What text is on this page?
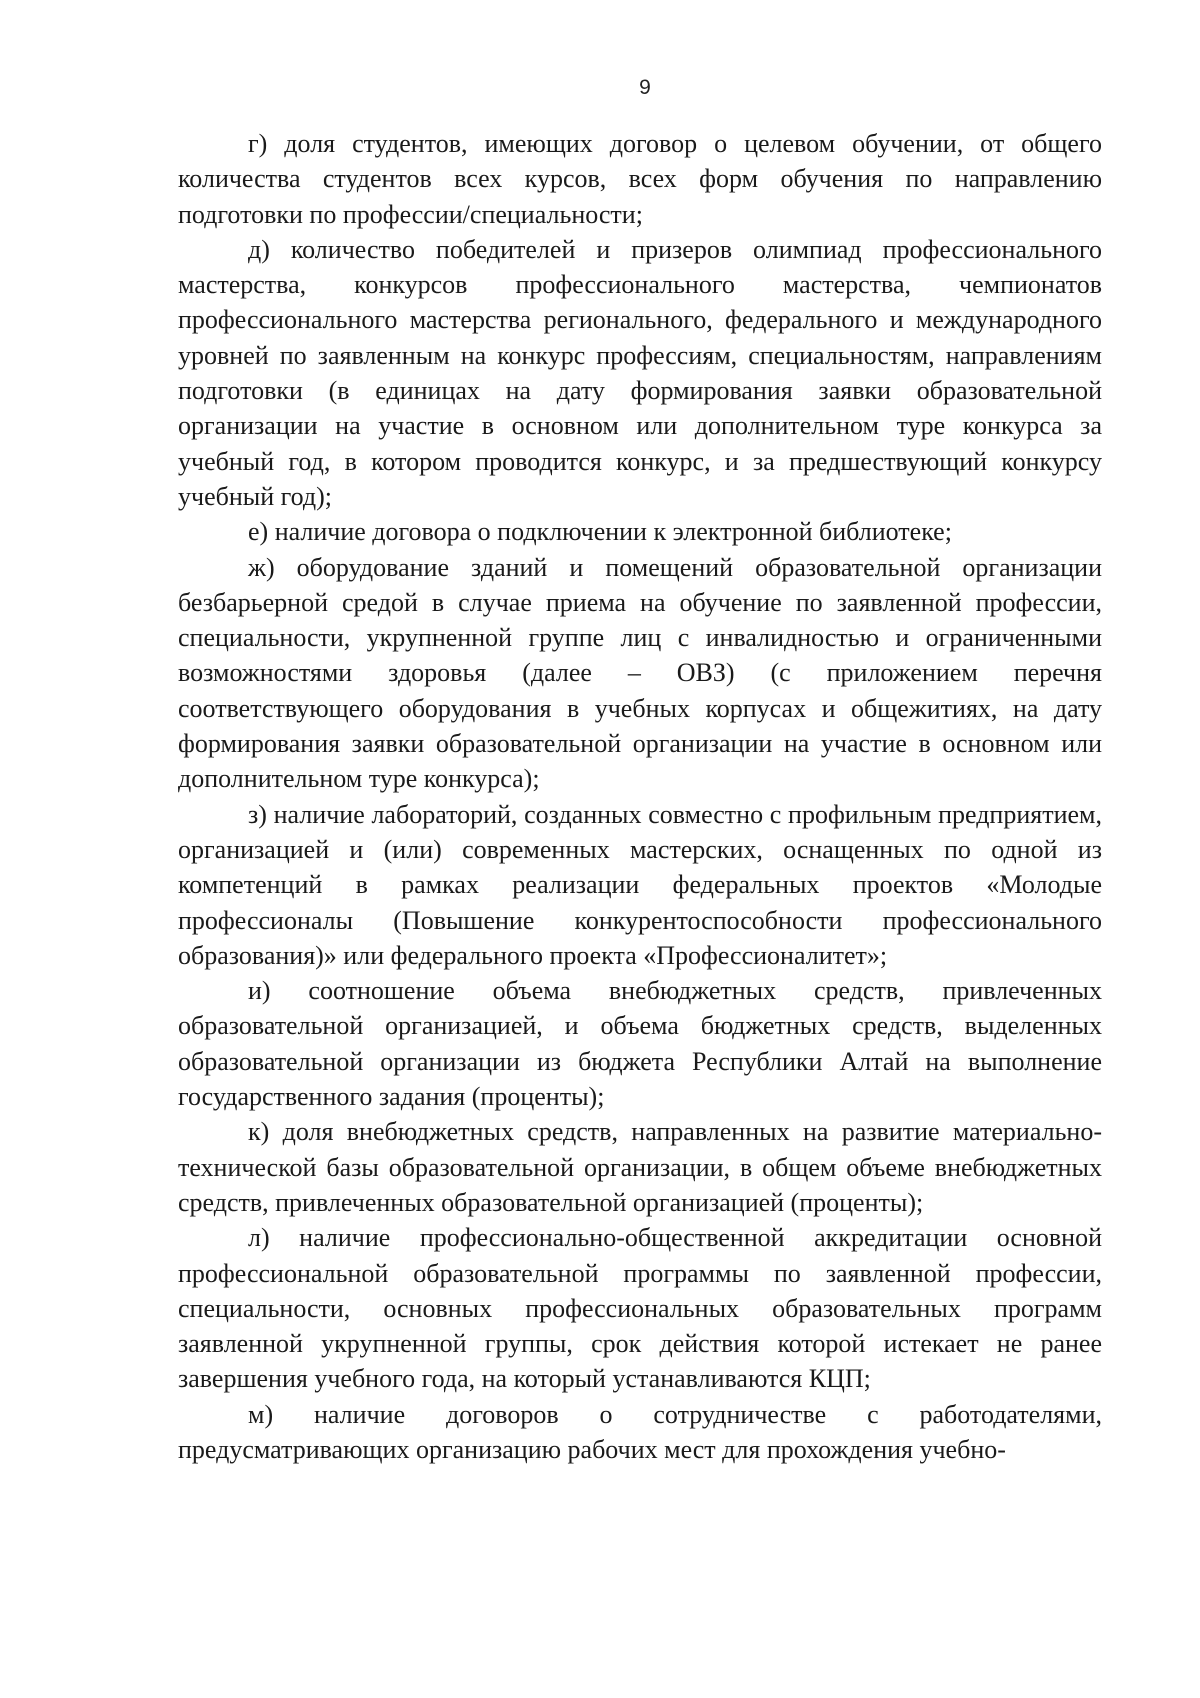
9

г) доля студентов, имеющих договор о целевом обучении, от общего количества студентов всех курсов, всех форм обучения по направлению подготовки по профессии/специальности;

д) количество победителей и призеров олимпиад профессионального мастерства, конкурсов профессионального мастерства, чемпионатов профессионального мастерства регионального, федерального и международного уровней по заявленным на конкурс профессиям, специальностям, направлениям подготовки (в единицах на дату формирования заявки образовательной организации на участие в основном или дополнительном туре конкурса за учебный год, в котором проводится конкурс, и за предшествующий конкурсу учебный год);

е) наличие договора о подключении к электронной библиотеке;

ж) оборудование зданий и помещений образовательной организации безбарьерной средой в случае приема на обучение по заявленной профессии, специальности, укрупненной группе лиц с инвалидностью и ограниченными возможностями здоровья (далее – ОВЗ) (с приложением перечня соответствующего оборудования в учебных корпусах и общежитиях, на дату формирования заявки образовательной организации на участие в основном или дополнительном туре конкурса);

з) наличие лабораторий, созданных совместно с профильным предприятием, организацией и (или) современных мастерских, оснащенных по одной из компетенций в рамках реализации федеральных проектов «Молодые профессионалы (Повышение конкурентоспособности профессионального образования)» или федерального проекта «Профессионалитет»;

и) соотношение объема внебюджетных средств, привлеченных образовательной организацией, и объема бюджетных средств, выделенных образовательной организации из бюджета Республики Алтай на выполнение государственного задания (проценты);

к) доля внебюджетных средств, направленных на развитие материально-технической базы образовательной организации, в общем объеме внебюджетных средств, привлеченных образовательной организацией (проценты);

л) наличие профессионально-общественной аккредитации основной профессиональной образовательной программы по заявленной профессии, специальности, основных профессиональных образовательных программ заявленной укрупненной группы, срок действия которой истекает не ранее завершения учебного года, на который устанавливаются КЦП;

м) наличие договоров о сотрудничестве с работодателями, предусматривающих организацию рабочих мест для прохождения учебно-
